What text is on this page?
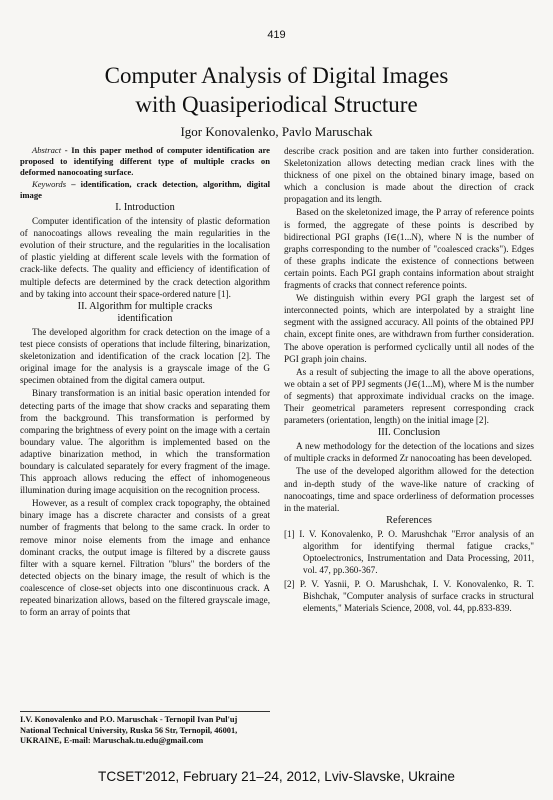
419
Computer Analysis of Digital Images
with Quasiperiodical Structure
Igor Konovalenko, Pavlo Maruschak

Abstract - In this paper method of computer identification are proposed to identifying different type of multiple cracks on deformed nanocoating surface.

Keywords – identification, crack detection, algorithm, digital image

I. Introduction

Computer identification of the intensity of plastic deformation of nanocoatings allows revealing the main regularities in the evolution of their structure, and the regularities in the localisation of plastic yielding at different scale levels with the formation of crack-like defects. The quality and efficiency of identification of multiple defects are determined by the crack detection algorithm and by taking into account their space-ordered nature [1].

II. Algorithm for multiple cracks
identification

The developed algorithm for crack detection on the image of a test piece consists of operations that include filtering, binarization, skeletonization and identification of the crack location [2]. The original image for the analysis is a grayscale image of the G specimen obtained from the digital camera output.

Binary transformation is an initial basic operation intended for detecting parts of the image that show cracks and separating them from the background. This transformation is performed by comparing the brightness of every point on the image with a certain boundary value. The algorithm is implemented based on the adaptive binarization method, in which the transformation boundary is calculated separately for every fragment of the image. This approach allows reducing the effect of inhomogeneous illumination during image acquisition on the recognition process.

However, as a result of complex crack topography, the obtained binary image has a discrete character and consists of a great number of fragments that belong to the same crack. In order to remove minor noise elements from the image and enhance dominant cracks, the output image is filtered by a discrete gauss filter with a square kernel. Filtration "blurs" the borders of the detected objects on the binary image, the result of which is the coalescence of close-set objects into one discontinuous crack. A repeated binarization allows, based on the filtered grayscale image, to form an array of points that

describe crack position and are taken into further consideration. Skeletonization allows detecting median crack lines with the thickness of one pixel on the obtained binary image, based on which a conclusion is made about the direction of crack propagation and its length.

Based on the skeletonized image, the P array of reference points is formed, the aggregate of these points is described by bidirectional PGI graphs (I∈(1...N), where N is the number of graphs corresponding to the number of "coalesced cracks"). Edges of these graphs indicate the existence of connections between certain points. Each PGI graph contains information about straight fragments of cracks that connect reference points.

We distinguish within every PGI graph the largest set of interconnected points, which are interpolated by a straight line segment with the assigned accuracy. All points of the obtained PPJ chain, except finite ones, are withdrawn from further consideration. The above operation is performed cyclically until all nodes of the PGI graph join chains.

As a result of subjecting the image to all the above operations, we obtain a set of PPJ segments (J∈(1...M), where M is the number of segments) that approximate individual cracks on the image. Their geometrical parameters represent corresponding crack parameters (orientation, length) on the initial image [2].

III. Conclusion

A new methodology for the detection of the locations and sizes of multiple cracks in deformed Zr nanocoating has been developed.

The use of the developed algorithm allowed for the detection and in-depth study of the wave-like nature of cracking of nanocoatings, time and space orderliness of deformation processes in the material.

References

[1] I. V. Konovalenko, P. O. Marushchak "Error analysis of an algorithm for identifying thermal fatigue cracks," Optoelectronics, Instrumentation and Data Processing, 2011, vol. 47, pp.360-367.
[2] P. V. Yasnii, P. O. Marushchak, I. V. Konovalenko, R. T. Bishchak, "Computer analysis of surface cracks in structural elements," Materials Science, 2008, vol. 44, pp.833-839.
I.V. Konovalenko and P.O. Maruschak - Ternopil Ivan Pul'uj
National Technical University, Ruska 56 Str, Ternopil, 46001,
UKRAINE, E-mail: Maruschak.tu.edu@gmail.com
TCSET'2012, February 21–24, 2012, Lviv-Slavske, Ukraine
